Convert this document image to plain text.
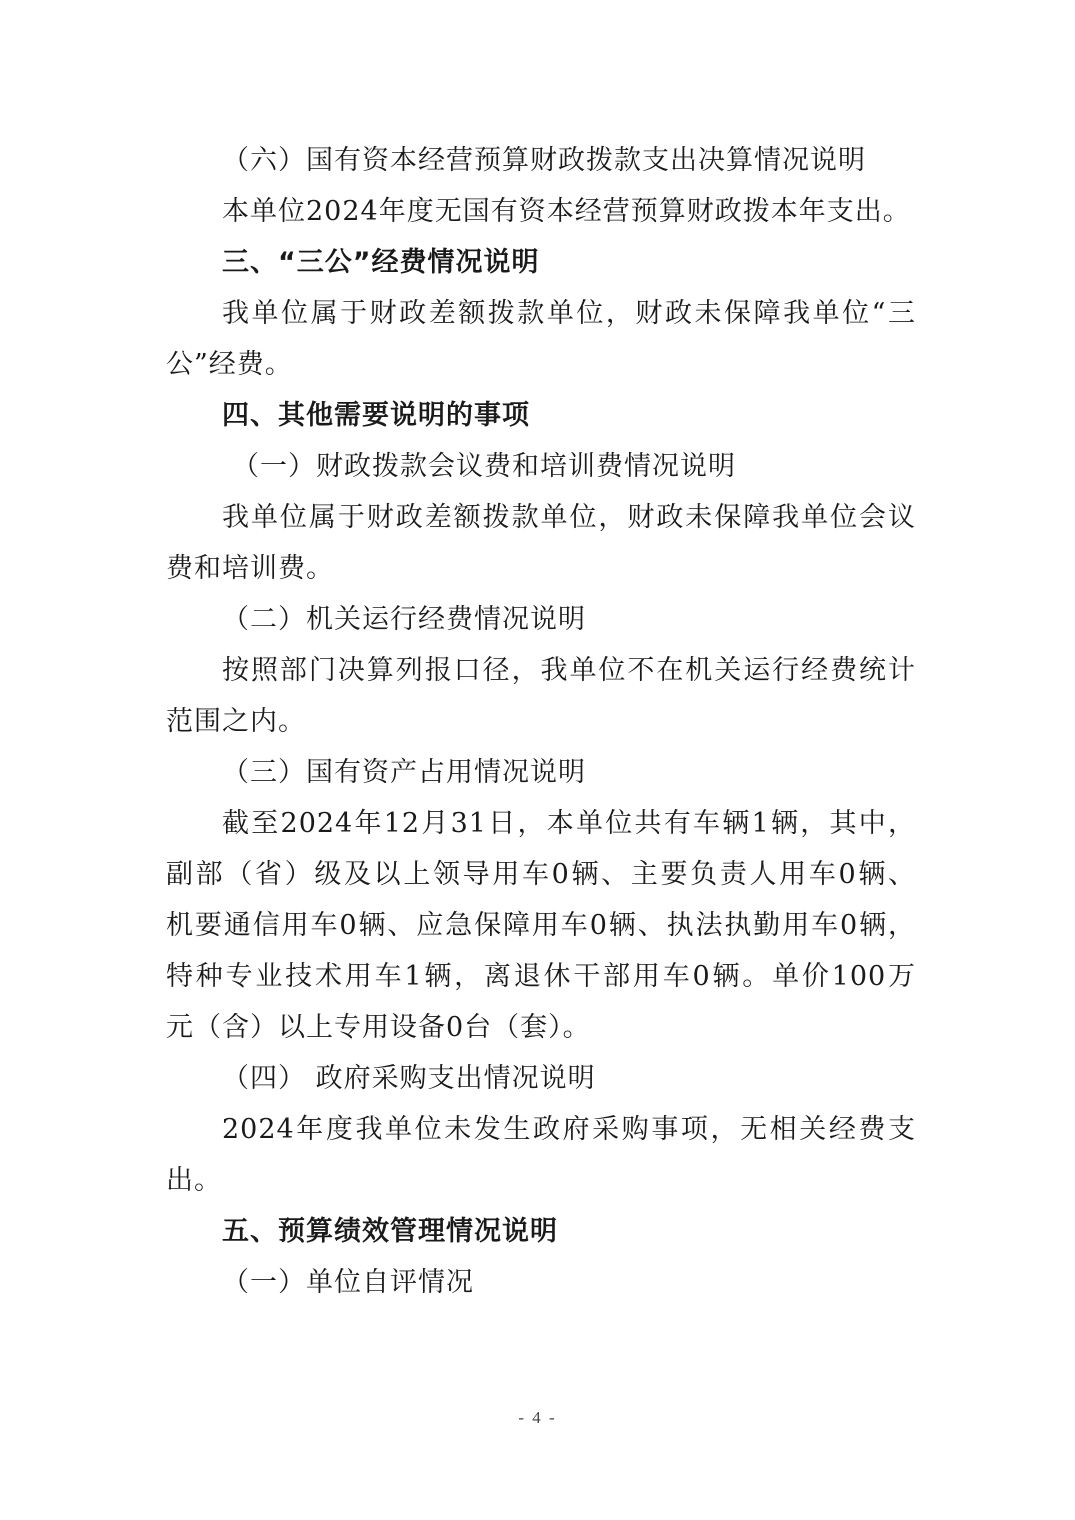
（六）国有资本经营预算财政拨款支出决算情况说明
本单位2024年度无国有资本经营预算财政拨本年支出。
三、“三公”经费情况说明
我单位属于财政差额拨款单位，财政未保障我单位“三
公”经费。
四、其他需要说明的事项
（一）财政拨款会议费和培训费情况说明
我单位属于财政差额拨款单位，财政未保障我单位会议
费和培训费。
（二）机关运行经费情况说明
按照部门决算列报口径，我单位不在机关运行经费统计
范围之内。
（三）国有资产占用情况说明
截至2024年12月31日，本单位共有车辆1辆，其中，
副部（省）级及以上领导用车0辆、主要负责人用车0辆、
机要通信用车0辆、应急保障用车0辆、执法执勤用车0辆，
特种专业技术用车1辆，离退休干部用车0辆。单价100万
元（含）以上专用设备0台（套）。
（四） 政府采购支出情况说明
2024年度我单位未发生政府采购事项，无相关经费支
出。
五、预算绩效管理情况说明
（一）单位自评情况
- 4 -
